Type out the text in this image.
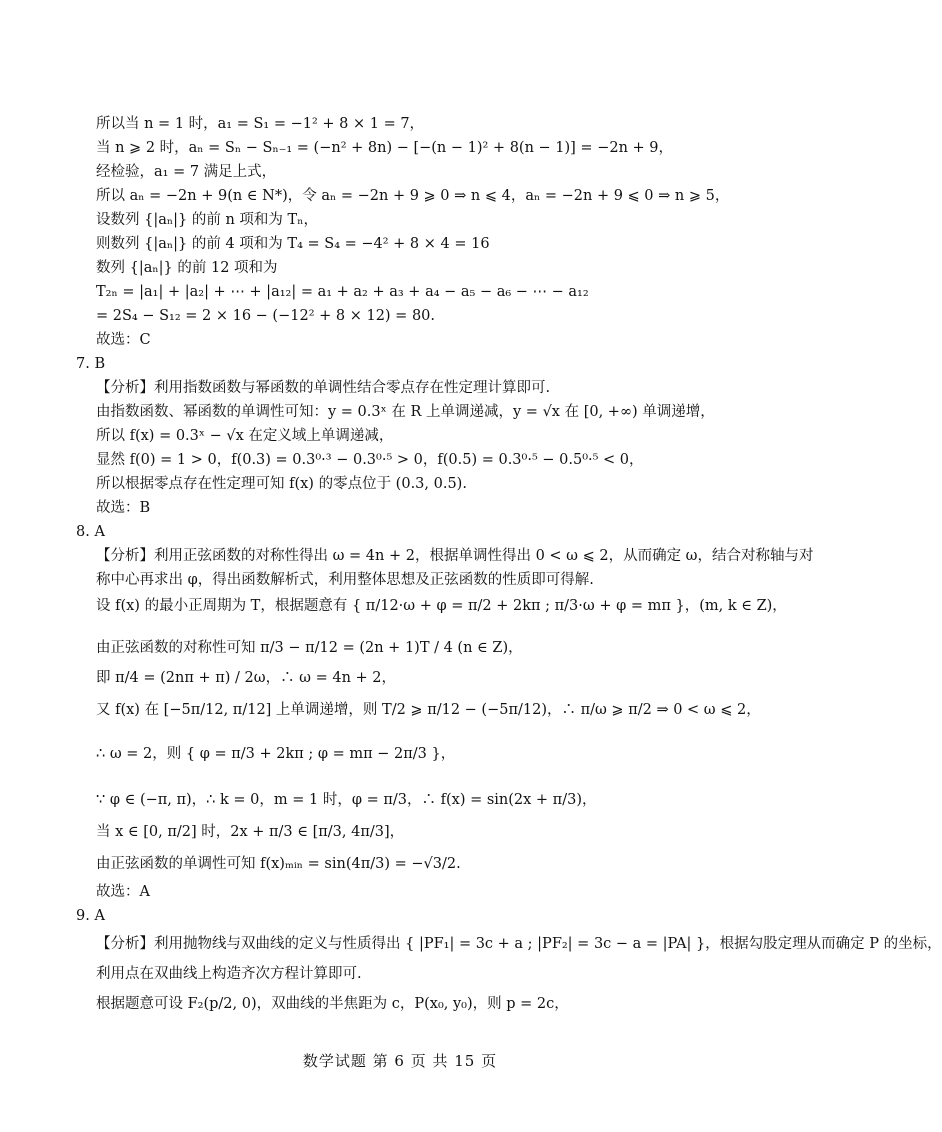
所以当 n = 1 时，a₁ = S₁ = −1² + 8 × 1 = 7，
当 n ⩾ 2 时，aₙ = Sₙ − Sₙ₋₁ = (−n² + 8n) − [−(n − 1)² + 8(n − 1)] = −2n + 9，
经检验，a₁ = 7 满足上式，
所以 aₙ = −2n + 9(n ∈ N*)，令 aₙ = −2n + 9 ⩾ 0 ⇒ n ⩽ 4，aₙ = −2n + 9 ⩽ 0 ⇒ n ⩾ 5，
设数列 {|aₙ|} 的前 n 项和为 Tₙ，
则数列 {|aₙ|} 的前 4 项和为 T₄ = S₄ = −4² + 8 × 4 = 16
数列 {|aₙ|} 的前 12 项和为
T₂ₙ = |a₁| + |a₂| + ⋯ + |a₁₂| = a₁ + a₂ + a₃ + a₄ − a₅ − a₆ − ⋯ − a₁₂
= 2S₄ − S₁₂ = 2 × 16 − (−12² + 8 × 12) = 80.
故选：C
7. B
【分析】利用指数函数与幂函数的单调性结合零点存在性定理计算即可.
由指数函数、幂函数的单调性可知：y = 0.3ˣ 在 R 上单调递减，y = √x 在 [0, +∞) 单调递增，
所以 f(x) = 0.3ˣ − √x 在定义域上单调递减，
显然 f(0) = 1 > 0，f(0.3) = 0.3⁰·³ − 0.3⁰·⁵ > 0，f(0.5) = 0.3⁰·⁵ − 0.5⁰·⁵ < 0，
所以根据零点存在性定理可知 f(x) 的零点位于 (0.3, 0.5).
故选：B
8. A
【分析】利用正弦函数的对称性得出 ω = 4n + 2，根据单调性得出 0 < ω ⩽ 2，从而确定 ω，结合对称轴与对
称中心再求出 φ，得出函数解析式，利用整体思想及正弦函数的性质即可得解.
设 f(x) 的最小正周期为 T，根据题意有 { π/12·ω + φ = π/2 + 2kπ ; π/3·ω + φ = mπ }，(m, k ∈ Z)，
由正弦函数的对称性可知 π/3 − π/12 = (2n + 1)T / 4 (n ∈ Z)，
即 π/4 = (2nπ + π) / 2ω，∴ ω = 4n + 2，
又 f(x) 在 [−5π/12, π/12] 上单调递增，则 T/2 ⩾ π/12 − (−5π/12)，∴ π/ω ⩾ π/2 ⇒ 0 < ω ⩽ 2，
∴ ω = 2，则 { φ = π/3 + 2kπ ; φ = mπ − 2π/3 }，
∵ φ ∈ (−π, π)，∴ k = 0，m = 1 时，φ = π/3，∴ f(x) = sin(2x + π/3)，
当 x ∈ [0, π/2] 时，2x + π/3 ∈ [π/3, 4π/3]，
由正弦函数的单调性可知 f(x)ₘᵢₙ = sin(4π/3) = −√3/2.
故选：A
9. A
【分析】利用抛物线与双曲线的定义与性质得出 { |PF₁| = 3c + a ; |PF₂| = 3c − a = |PA| }，根据勾股定理从而确定 P 的坐标，
利用点在双曲线上构造齐次方程计算即可.
根据题意可设 F₂(p/2, 0)，双曲线的半焦距为 c，P(x₀, y₀)，则 p = 2c，
数学试题 第 6 页 共 15 页
